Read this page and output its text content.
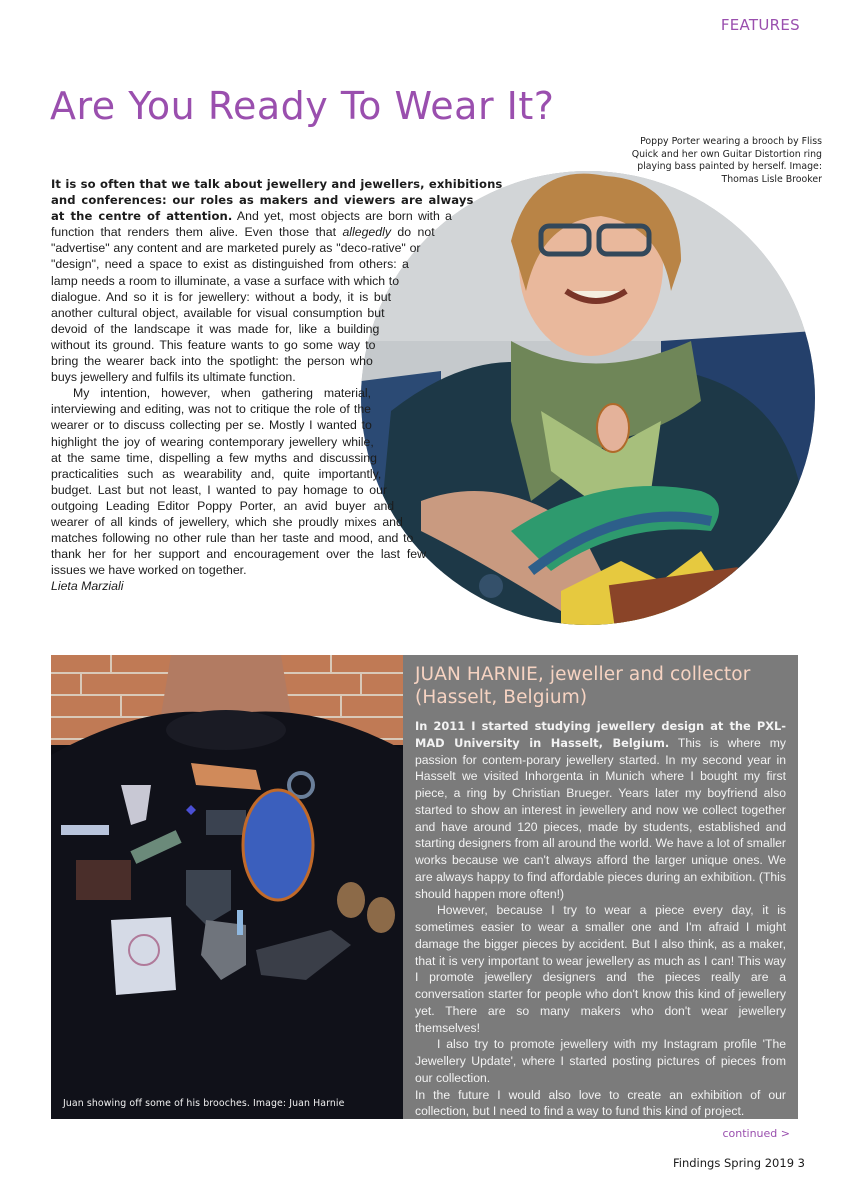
FEATURES
Are You Ready To Wear It?
Poppy Porter wearing a brooch by Fliss Quick and her own Guitar Distortion ring playing bass painted by herself. Image: Thomas Lisle Brooker

It is so often that we talk about jewellery and jewellers, exhibitions and conferences: our roles as makers and viewers are always at the centre of attention. And yet, most objects are born with a function that renders them alive. Even those that allegedly do not "advertise" any content and are marketed purely as "deco-rative" or "design", need a space to exist as distinguished from others: a lamp needs a room to illuminate, a vase a surface with which to dialogue. And so it is for jewellery: without a body, it is but another cultural object, available for visual consumption but devoid of the landscape it was made for, like a building without its ground. This feature wants to go some way to bring the wearer back into the spotlight: the person who buys jewellery and fulfils its ultimate function.

My intention, however, when gathering material, interviewing and editing, was not to critique the role of the wearer or to discuss collecting per se. Mostly I wanted to highlight the joy of wearing contemporary jewellery while, at the same time, dispelling a few myths and discussing practicalities such as wearability and, quite importantly, budget. Last but not least, I wanted to pay homage to our outgoing Leading Editor Poppy Porter, an avid buyer and wearer of all kinds of jewellery, which she proudly mixes and matches following no other rule than her taste and mood, and to thank her for her support and encouragement over the last few issues we have worked on together.

Lieta Marziali

Juan showing off some of his brooches. Image: Juan Harnie
JUAN HARNIE, jeweller and collector
(Hasselt, Belgium)

In 2011 I started studying jewellery design at the PXL-MAD University in Hasselt, Belgium. This is where my passion for contem-porary jewellery started. In my second year in Hasselt we visited Inhorgenta in Munich where I bought my first piece, a ring by Christian Brueger. Years later my boyfriend also started to show an interest in jewellery and now we collect together and have around 120 pieces, made by students, established and starting designers from all around the world. We have a lot of smaller works because we can't always afford the larger unique ones. We are always happy to find affordable pieces during an exhibition. (This should happen more often!)

However, because I try to wear a piece every day, it is sometimes easier to wear a smaller one and I'm afraid I might damage the bigger pieces by accident. But I also think, as a maker, that it is very important to wear jewellery as much as I can! This way I promote jewellery designers and the pieces really are a conversation starter for people who don't know this kind of jewellery yet. There are so many makers who don't wear jewellery themselves!

I also try to promote jewellery with my Instagram profile 'The Jewellery Update', where I started posting pictures of pieces from our collection.

In the future I would also love to create an exhibition of our collection, but I need to find a way to fund this kind of project.

continued >
Findings Spring 2019 3
